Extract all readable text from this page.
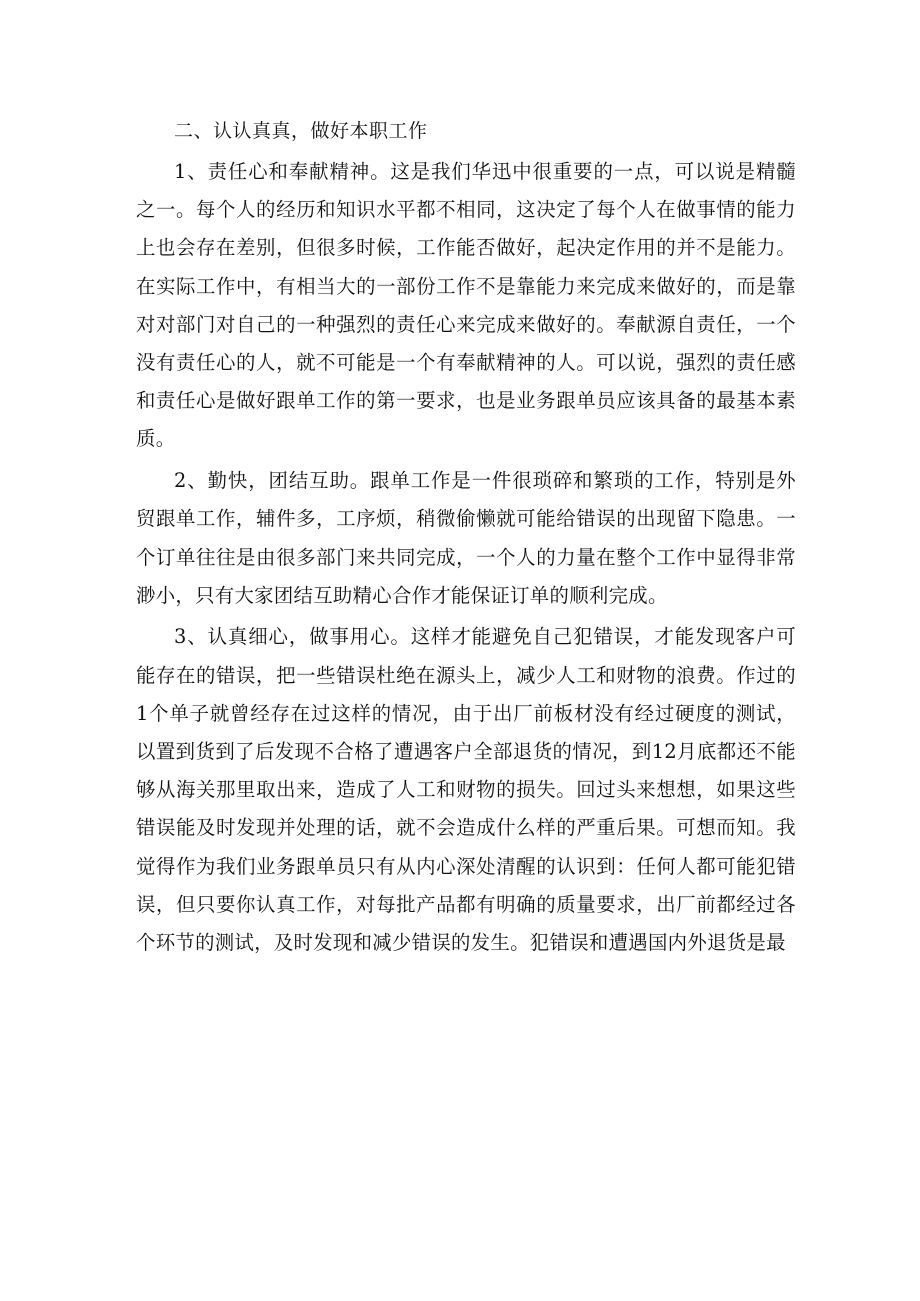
二、认认真真，做好本职工作

1、责任心和奉献精神。这是我们华迅中很重要的一点，可以说是精髓之一。每个人的经历和知识水平都不相同，这决定了每个人在做事情的能力上也会存在差别，但很多时候，工作能否做好，起决定作用的并不是能力。在实际工作中，有相当大的一部份工作不是靠能力来完成来做好的，而是靠对对部门对自己的一种强烈的责任心来完成来做好的。奉献源自责任，一个没有责任心的人，就不可能是一个有奉献精神的人。可以说，强烈的责任感和责任心是做好跟单工作的第一要求，也是业务跟单员应该具备的最基本素质。

2、勤快，团结互助。跟单工作是一件很琐碎和繁琐的工作，特别是外贸跟单工作，辅件多，工序烦，稍微偷懒就可能给错误的出现留下隐患。一个订单往往是由很多部门来共同完成，一个人的力量在整个工作中显得非常渺小，只有大家团结互助精心合作才能保证订单的顺利完成。

3、认真细心，做事用心。这样才能避免自己犯错误，才能发现客户可能存在的错误，把一些错误杜绝在源头上，减少人工和财物的浪费。作过的1个单子就曾经存在过这样的情况，由于出厂前板材没有经过硬度的测试，以置到货到了后发现不合格了遭遇客户全部退货的情况，到12月底都还不能够从海关那里取出来，造成了人工和财物的损失。回过头来想想，如果这些错误能及时发现并处理的话，就不会造成什么样的严重后果。可想而知。我觉得作为我们业务跟单员只有从内心深处清醒的认识到：任何人都可能犯错误，但只要你认真工作，对每批产品都有明确的质量要求，出厂前都经过各个环节的测试，及时发现和减少错误的发生。犯错误和遭遇国内外退货是最
